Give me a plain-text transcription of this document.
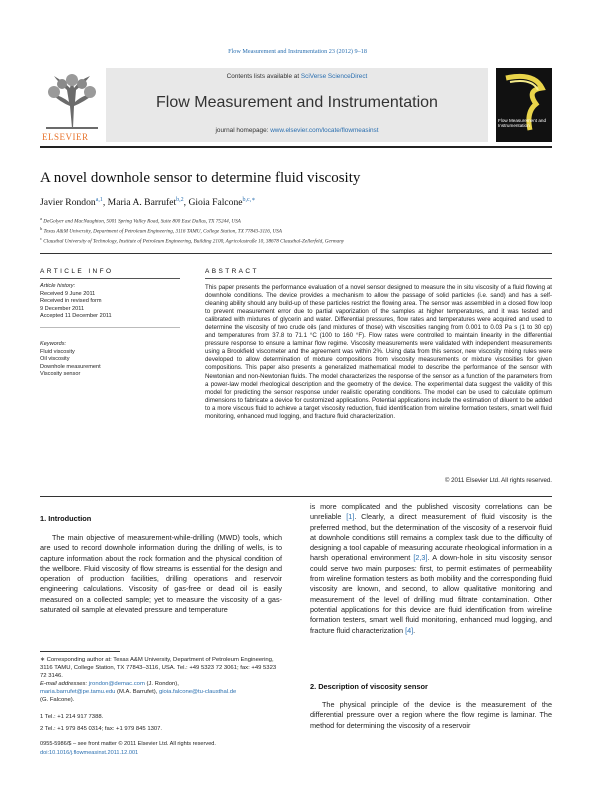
Flow Measurement and Instrumentation 23 (2012) 9–18
ELSEVIER
Contents lists available at SciVerse ScienceDirect
Flow Measurement and Instrumentation
journal homepage: www.elsevier.com/locate/flowmeasinst
Flow Measurement and Instrumentation
A novel downhole sensor to determine fluid viscosity
Javier Rondon$^{a,1}$, Maria A. Barrufet$^{b,2}$, Gioia Falcone$^{b,c,∗}$
$^a$ DeGolyer and MacNaughton, 5001 Spring Valley Road, Suite 800 East Dallas, TX 75244, USA
$^b$ Texas A&M University, Department of Petroleum Engineering, 3116 TAMU, College Station, TX 77843-3116, USA
$^c$ Clausthal University of Technology, Institute of Petroleum Engineering, Building 2100, Agricolastraße 10, 38678 Clausthal-Zellerfeld, Germany
ARTICLE INFO
Article history:
Received 9 June 2011
Received in revised form
9 December 2011
Accepted 11 December 2011
Keywords:
Fluid viscosity
Oil viscosity
Downhole measurement
Viscosity sensor
ABSTRACT
This paper presents the performance evaluation of a novel sensor designed to measure the in situ viscosity of a fluid flowing at downhole conditions. The device provides a mechanism to allow the passage of solid particles (i.e. sand) and has a self-cleaning ability should any build-up of these particles restrict the flowing area. The sensor was assembled in a closed flow loop to prevent measurement error due to partial vaporization of the samples at higher temperatures, and it was tested and calibrated with mixtures of glycerin and water. Differential pressures, flow rates and temperatures were acquired and used to determine the viscosity of two crude oils (and mixtures of those) with viscosities ranging from 0.001 to 0.03 Pa s (1 to 30 cp) and temperatures from 37.8 to 71.1 °C (100 to 160 °F). Flow rates were controlled to maintain linearity in the differential pressure response to ensure a laminar flow regime. Viscosity measurements were validated with independent measurements using a Brookfield viscometer and the agreement was within 2%. Using data from this sensor, new viscosity mixing rules were developed to allow determination of mixture compositions from viscosity measurements or mixture viscosities for given compositions. This paper also presents a generalized mathematical model to describe the performance of the sensor with Newtonian and non-Newtonian fluids. The model characterizes the response of the sensor as a function of the parameters from a power-law model rheological description and the geometry of the device. The experimental data suggest the validity of this model for predicting the sensor response under realistic operating conditions. The model can be used to calculate optimum dimensions to fabricate a device for customized applications. Potential applications include the estimation of diluent to be added to a more viscous fluid to achieve a target viscosity reduction, fluid identification from wireline formation testers, smart well fluid monitoring, enhanced mud logging, and fracture fluid characterization.
© 2011 Elsevier Ltd. All rights reserved.
1. Introduction
The main objective of measurement-while-drilling (MWD) tools, which are used to record downhole information during the drilling of wells, is to capture information about the rock formation and the physical condition of the wellbore. Fluid viscosity of flow streams is essential for the design and operation of production facilities, drilling operations and reservoir engineering calculations. Viscosity of gas-free or dead oil is easily measured on a collected sample; yet to measure the viscosity of a gas-saturated oil sample at elevated pressure and temperature
∗ Corresponding author at: Texas A&M University, Department of Petroleum Engineering, 3116 TAMU, College Station, TX 77843–3116, USA. Tel.: +49 5323 72 3061; fax: +49 5323 72 3146.
E-mail addresses: jrondon@demac.com (J. Rondon),
maria.barrufet@pe.tamu.edu (M.A. Barrufet), gioia.falcone@tu-clausthal.de
(G. Falcone).
1 Tel.: +1 214 917 7388.
2 Tel.: +1 979 845 0314; fax: +1 979 845 1307.
0955-5986/$ – see front matter © 2011 Elsevier Ltd. All rights reserved.
doi:10.1016/j.flowmeasinst.2011.12.001
is more complicated and the published viscosity correlations can be unreliable [1]. Clearly, a direct measurement of fluid viscosity is the preferred method, but the determination of the viscosity of a reservoir fluid at downhole conditions still remains a complex task due to the difficulty of designing a tool capable of measuring accurate rheological information in a harsh operational environment [2,3]. A down-hole in situ viscosity sensor could serve two main purposes: first, to permit estimates of permeability from wireline formation testers as both mobility and the corresponding fluid viscosity are known, and second, to allow qualitative monitoring and measurement of the level of drilling mud filtrate contamination. Other potential applications for this device are fluid identification from wireline formation testers, smart well fluid monitoring, enhanced mud logging, and fracture fluid characterization [4].
2. Description of viscosity sensor
The physical principle of the device is the measurement of the differential pressure over a region where the flow regime is laminar. The method for determining the viscosity of a reservoir
